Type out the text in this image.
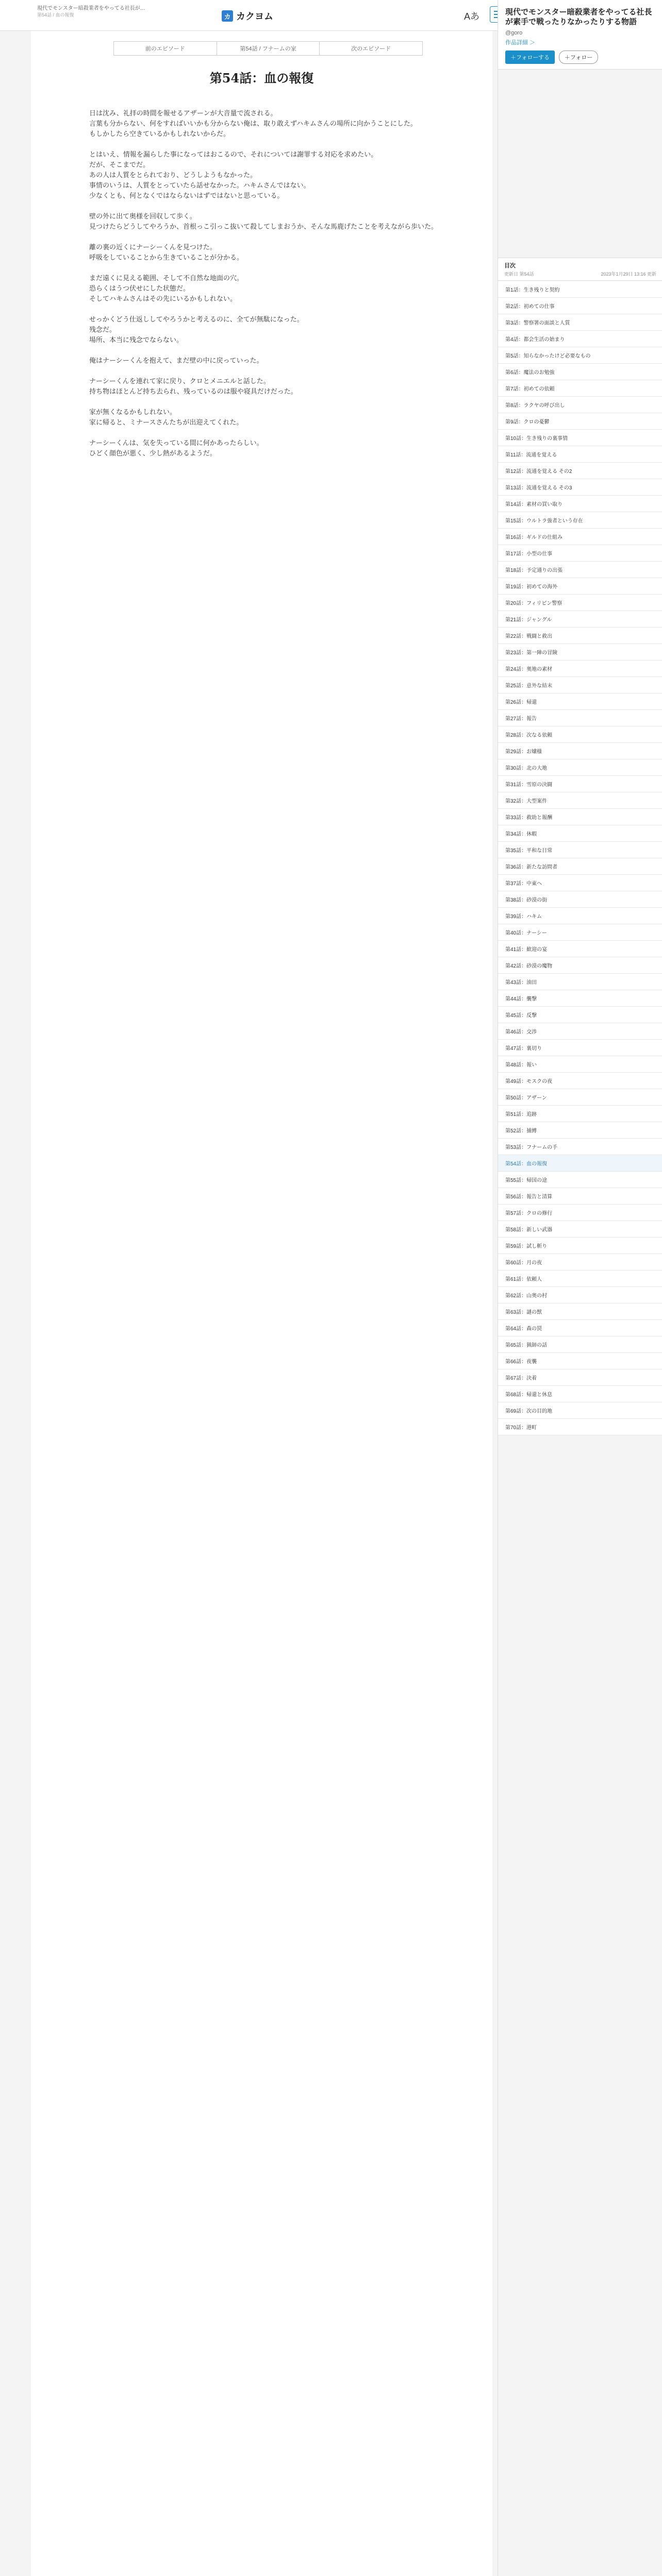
現代でモンスター暗殺業者をやってる社長が…
第54話 / 血の報復	カ カクヨム	Aあ
前のエピソード	第54話 / フナームの家	次のエピソード
第54話：血の報復

　日は沈み、礼拝の時間を報せるアザーンが大音量で流される。
　言葉も分からない、何をすればいいかも分からない俺は、取り敢えずハキムさんの場所に向かうことにした。
　もしかしたら空きているかもしれないからだ。

　とはいえ、情報を漏らした事になってはおこるので、それについては謝罪する対応を求めたい。
　だが、そこまでだ。
　あの人は人質をとられており、どうしようもなかった。
　事情のいうは、人質をとっていたら話せなかった。ハキムさんではない。
　少なくとも、何となくではならないはずではないと思っている。

　壁の外に出て奥様を回収して歩く。
　見つけたらどうしてやろうか、首根っこ引っこ抜いて殺してしまおうか、そんな馬鹿げたことを考えながら歩いた。

　離の裏の近くにナーシーくんを見つけた。
　呼吸をしていることから生きていることが分かる。

　まだ遠くに見える範囲、そして不自然な地面の穴。
　恐らくはうつ伏せにした状態だ。
　そしてハキムさんはその先にいるかもしれない。

　せっかくどう仕返ししてやろうかと考えるのに、全てが無駄になった。
　残念だ。
　場所、本当に残念でならない。

　俺はナーシーくんを抱えて、まだ壁の中に戻っていった。

　ナーシーくんを連れて家に戻り、クロとメニエルと話した。
　持ち物はほとんど持ち去られ、残っているのは服や寝具だけだった。

　家が無くなるかもしれない。
　家に帰ると、ミナースさんたちが出迎えてくれた。

　ナーシーくんは、気を失っている間に何かあったらしい。
　ひどく顔色が悪く、少し熱があるようだ。

現代でモンスター暗殺業者をやってる社長が素手で戦ったりなかったりする物語
@goro
作品詳細 ＞
＋フォローする	＋フォロー
目次
更新日 第54話	2023年1月29日 13:16 更新
第1話：生き残りと契約
第2話：初めての仕事
第3話：警察署の面談と人質
第4話：都会生活の始まり
第5話：知らなかったけど必要なもの
第6話：魔法のお勉強
第7話：初めての依頼
第8話：ラクヤの呼び出し
第9話：クロの憂鬱
第10話：生き残りの裏事情
第11話：流通を覚える
第12話：流通を覚える その2
第13話：流通を覚える その3
第14話：素材の買い取り
第15話：ウルトラ強者という存在
第16話：ギルドの仕組み
第17話：小型の仕事
第18話：予定通りの出張
第19話：初めての海外
第20話：フィリピン警察
第21話：ジャングル
第22話：戦闘と救出
第23話：第一陣の冒険
第24話：奥地の素材
第25話：意外な結末
第26話：帰還
第27話：報告
第28話：次なる依頼
第29話：お嬢様
第30話：北の大地
第31話：雪原の決闘
第32話：大型案件
第33話：救助と報酬
第34話：休暇
第35話：平和な日常
第36話：新たな訪問者
第37話：中東へ
第38話：砂漠の街
第39話：ハキム
第40話：ナーシー
第41話：歓迎の宴
第42話：砂漠の魔物
第43話：油田
第44話：襲撃
第45話：反撃
第46話：交渉
第47話：裏切り
第48話：報い
第49話：モスクの夜
第50話：アザーン
第51話：追跡
第52話：捕縛
第53話：フナームの手
第54話：血の報復
第55話：帰国の途
第56話：報告と清算
第57話：クロの修行
第58話：新しい武器
第59話：試し斬り
第60話：月の夜
第61話：依頼人
第62話：山奥の村
第63話：謎の獣
第64話：森の罠
第65話：猟師の話
第66話：夜襲
第67話：決着
第68話：帰還と休息
第69話：次の目的地
第70話：港町
